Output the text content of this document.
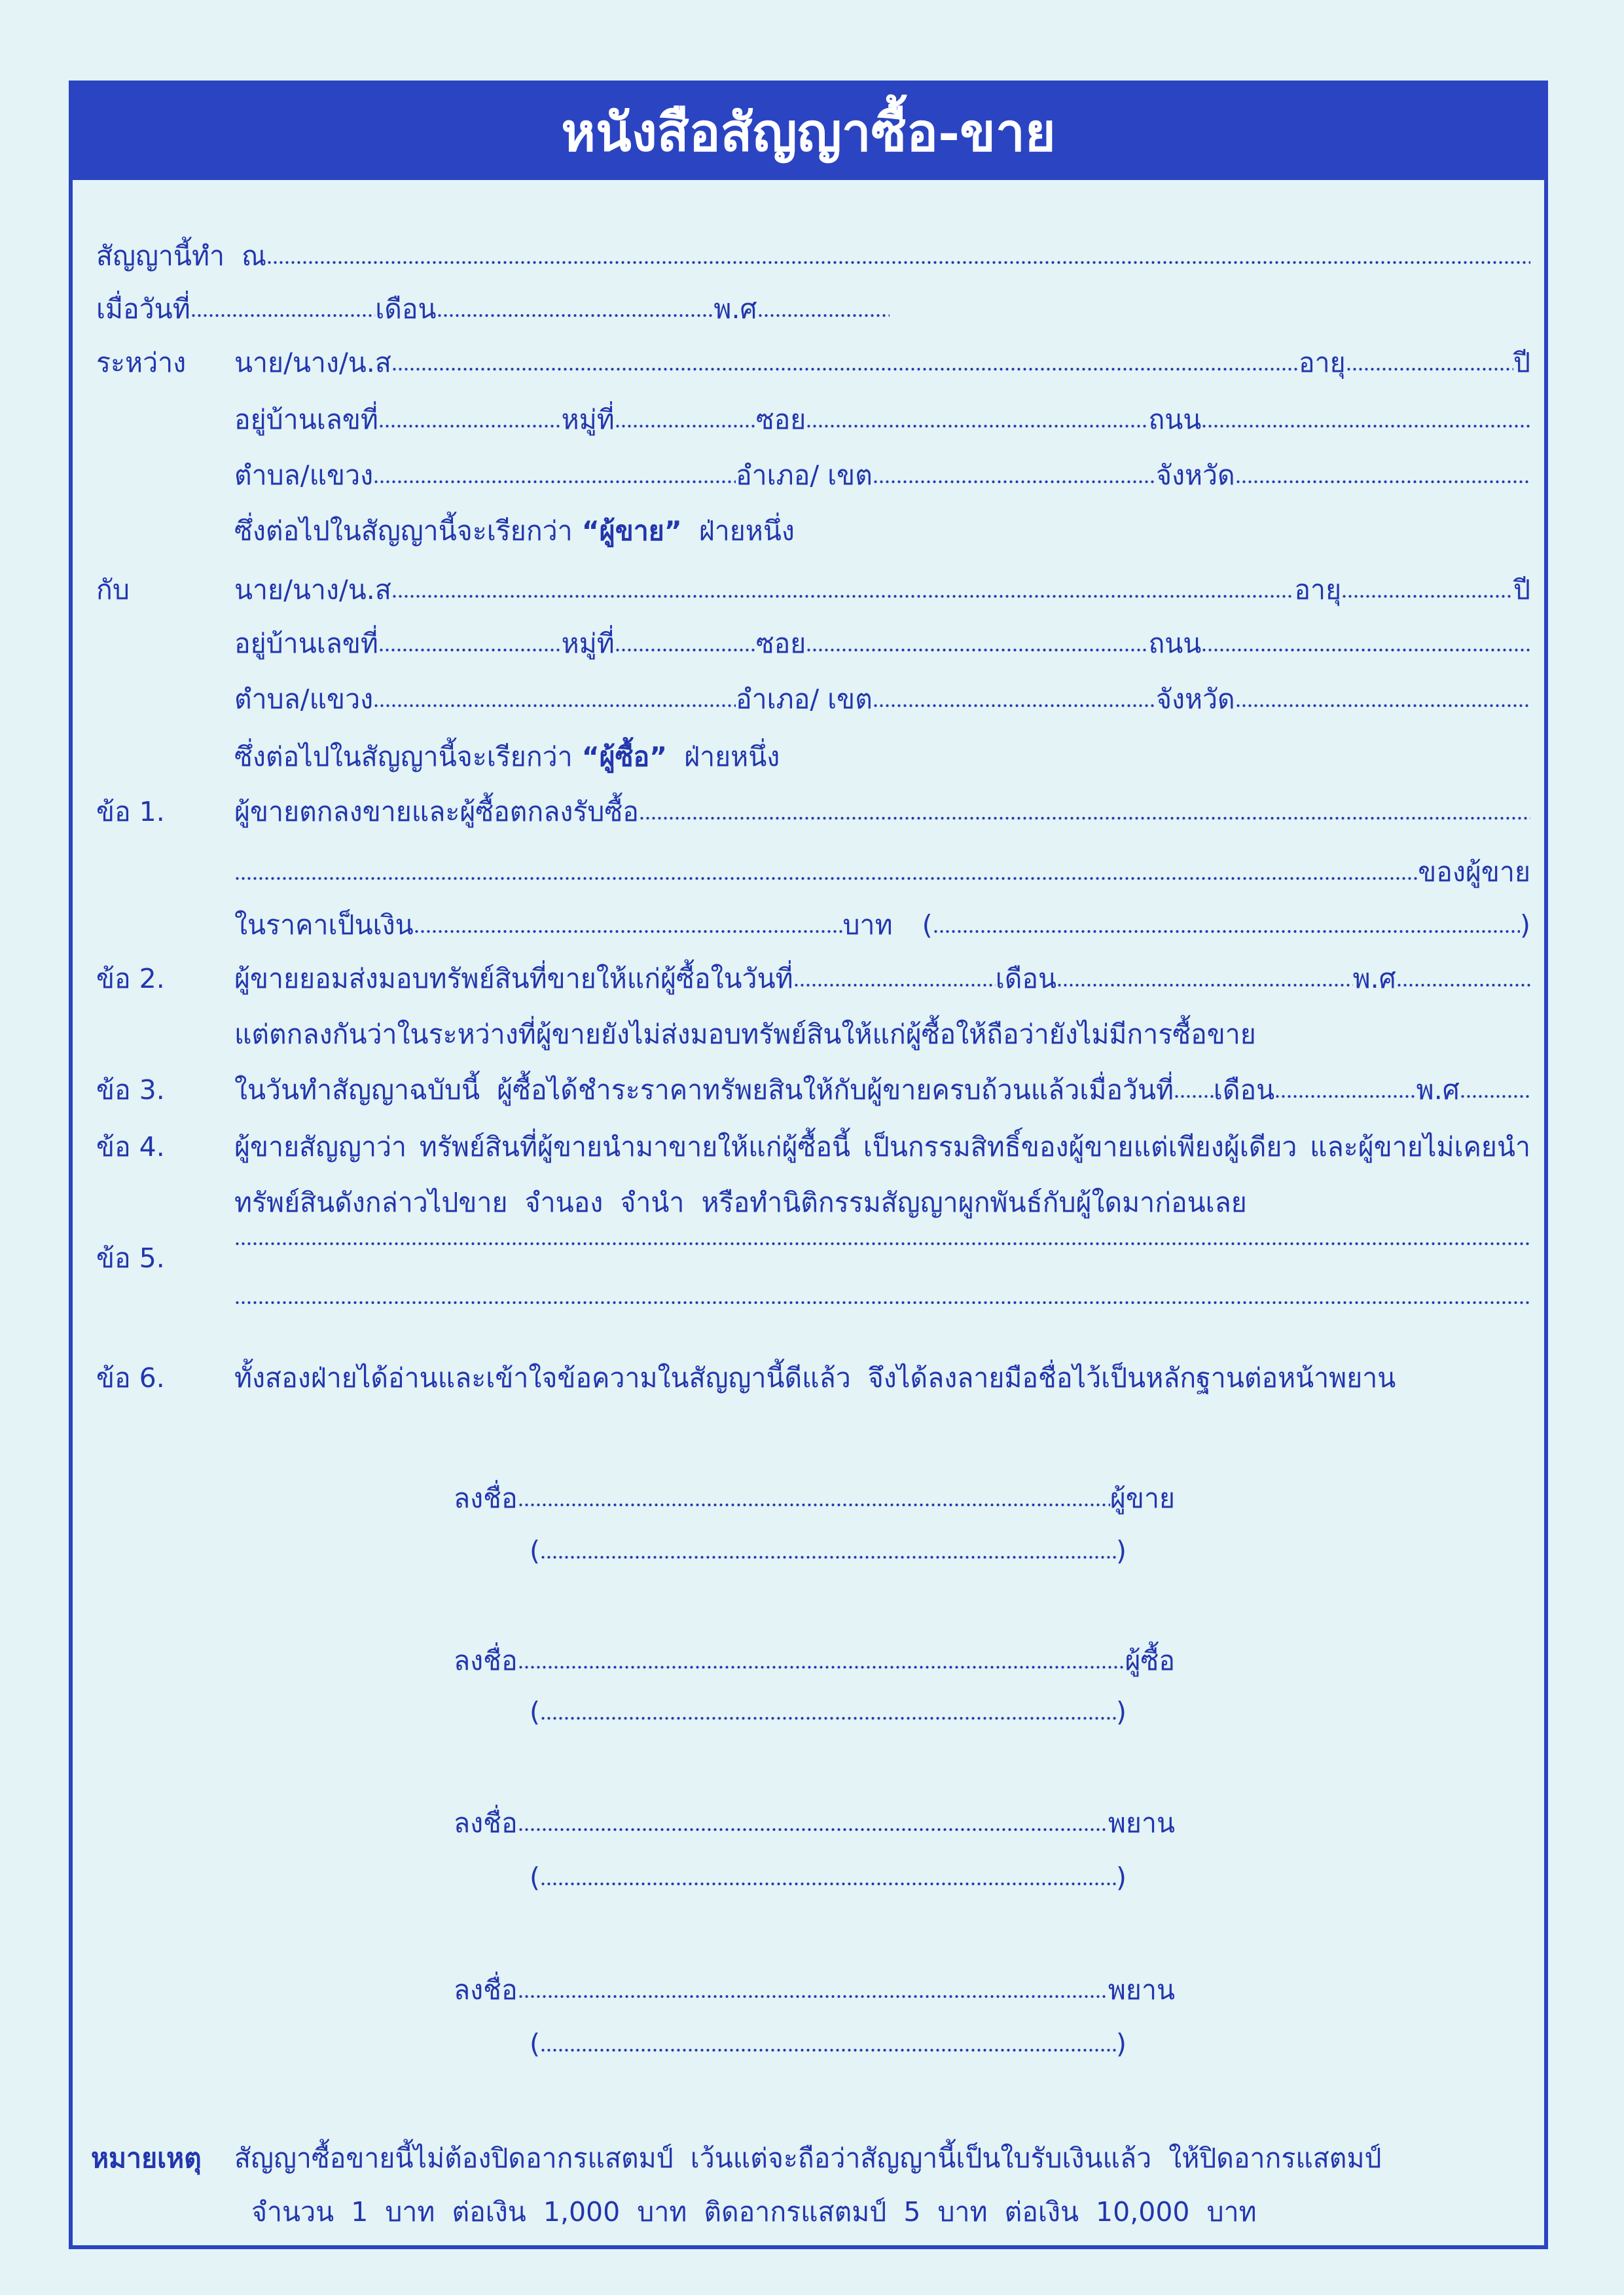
หนังสือสัญญาซื้อ-ขาย
สัญญานี้ทำ ณ
เมื่อวันที่	เดือน	พ.ศ
ระหว่าง นาย/นาง/น.ส	อายุ	ปี
อยู่บ้านเลขที่	หมู่ที่	ซอย	ถนน
ตำบล/แขวง	อำเภอ/ เขต	จังหวัด
ซึ่งต่อไปในสัญญานี้จะเรียกว่า “ผู้ขาย” ฝ่ายหนึ่ง
กับ	นาย/นาง/น.ส	อายุ	ปี
อยู่บ้านเลขที่	หมู่ที่	ซอย	ถนน
ตำบล/แขวง	อำเภอ/ เขต	จังหวัด
ซึ่งต่อไปในสัญญานี้จะเรียกว่า “ผู้ซื้อ” ฝ่ายหนึ่ง
ข้อ 1.	ผู้ขายตกลงขายและผู้ซื้อตกลงรับซื้อ
ของผู้ขาย
ในราคาเป็นเงิน	บาท (	)
ข้อ 2.	ผู้ขายยอมส่งมอบทรัพย์สินที่ขายให้แก่ผู้ซื้อในวันที่	เดือน	พ.ศ
แต่ตกลงกันว่าในระหว่างที่ผู้ขายยังไม่ส่งมอบทรัพย์สินให้แก่ผู้ซื้อให้ถือว่ายังไม่มีการซื้อขาย
ข้อ 3.	ในวันทำสัญญาฉบับนี้  ผู้ซื้อได้ชำระราคาทรัพยสินให้กับผู้ขายครบถ้วนแล้วเมื่อวันที่ เดือน	พ.ศ
ข้อ 4.	ผู้ขายสัญญาว่า ทรัพย์สินที่ผู้ขายนำมาขายให้แก่ผู้ซื้อนี้ เป็นกรรมสิทธิ์ของผู้ขายแต่เพียงผู้เดียว และผู้ขายไม่เคยนำ
ทรัพย์สินดังกล่าวไปขาย  จำนอง  จำนำ  หรือทำนิติกรรมสัญญาผูกพันธ์กับผู้ใดมาก่อนเลย
ข้อ 5.
ข้อ 6.	ทั้งสองฝ่ายได้อ่านและเข้าใจข้อความในสัญญานี้ดีแล้ว  จึงได้ลงลายมือชื่อไว้เป็นหลักฐานต่อหน้าพยาน
ลงชื่อ	ผู้ขาย
(	)
ลงชื่อ	ผู้ซื้อ
(	)
ลงชื่อ	พยาน
(	)
ลงชื่อ	พยาน
(	)
หมายเหตุ สัญญาซื้อขายนี้ไม่ต้องปิดอากรแสตมป์  เว้นแต่จะถือว่าสัญญานี้เป็นใบรับเงินแล้ว  ให้ปิดอากรแสตมป์
จำนวน  1  บาท  ต่อเงิน  1,000  บาท  ติดอากรแสตมป์  5  บาท  ต่อเงิน  10,000  บาท
